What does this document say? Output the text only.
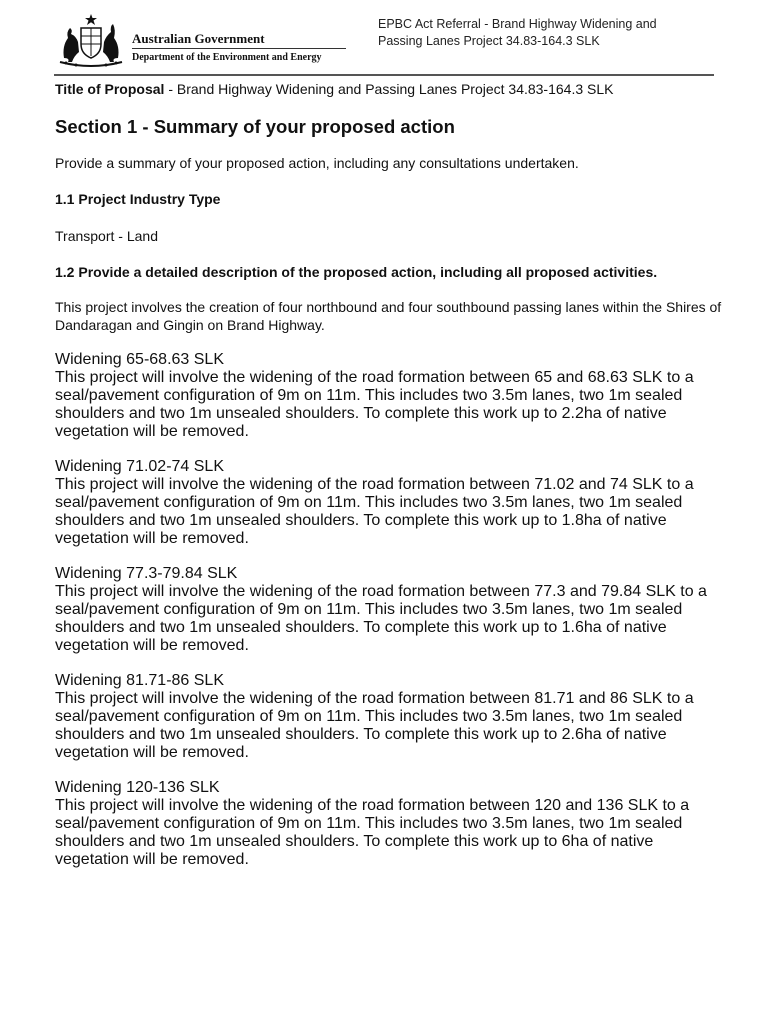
Australian Government
Department of the Environment and Energy
EPBC Act Referral - Brand Highway Widening and
Passing Lanes Project 34.83-164.3 SLK

Title of Proposal - Brand Highway Widening and Passing Lanes Project 34.83-164.3 SLK

Section 1 - Summary of your proposed action

Provide a summary of your proposed action, including any consultations undertaken.

1.1 Project Industry Type

Transport - Land

1.2 Provide a detailed description of the proposed action, including all proposed activities.

This project involves the creation of four northbound and four southbound passing lanes within the Shires of Dandaragan and Gingin on Brand Highway.

Widening 65-68.63 SLK
This project will involve the widening of the road formation between 65 and 68.63 SLK to a seal/pavement configuration of 9m on 11m. This includes two 3.5m lanes, two 1m sealed shoulders and two 1m unsealed shoulders. To complete this work up to 2.2ha of native vegetation will be removed.
Widening 71.02-74 SLK
This project will involve the widening of the road formation between 71.02 and 74 SLK to a seal/pavement configuration of 9m on 11m. This includes two 3.5m lanes, two 1m sealed shoulders and two 1m unsealed shoulders. To complete this work up to 1.8ha of native vegetation will be removed.
Widening 77.3-79.84 SLK
This project will involve the widening of the road formation between 77.3 and 79.84 SLK to a seal/pavement configuration of 9m on 11m. This includes two 3.5m lanes, two 1m sealed shoulders and two 1m unsealed shoulders. To complete this work up to 1.6ha of native vegetation will be removed.
Widening 81.71-86 SLK
This project will involve the widening of the road formation between 81.71 and 86 SLK to a seal/pavement configuration of 9m on 11m. This includes two 3.5m lanes, two 1m sealed shoulders and two 1m unsealed shoulders. To complete this work up to 2.6ha of native vegetation will be removed.
Widening 120-136 SLK
This project will involve the widening of the road formation between 120 and 136 SLK to a seal/pavement configuration of 9m on 11m. This includes two 3.5m lanes, two 1m sealed shoulders and two 1m unsealed shoulders. To complete this work up to 6ha of native vegetation will be removed.
